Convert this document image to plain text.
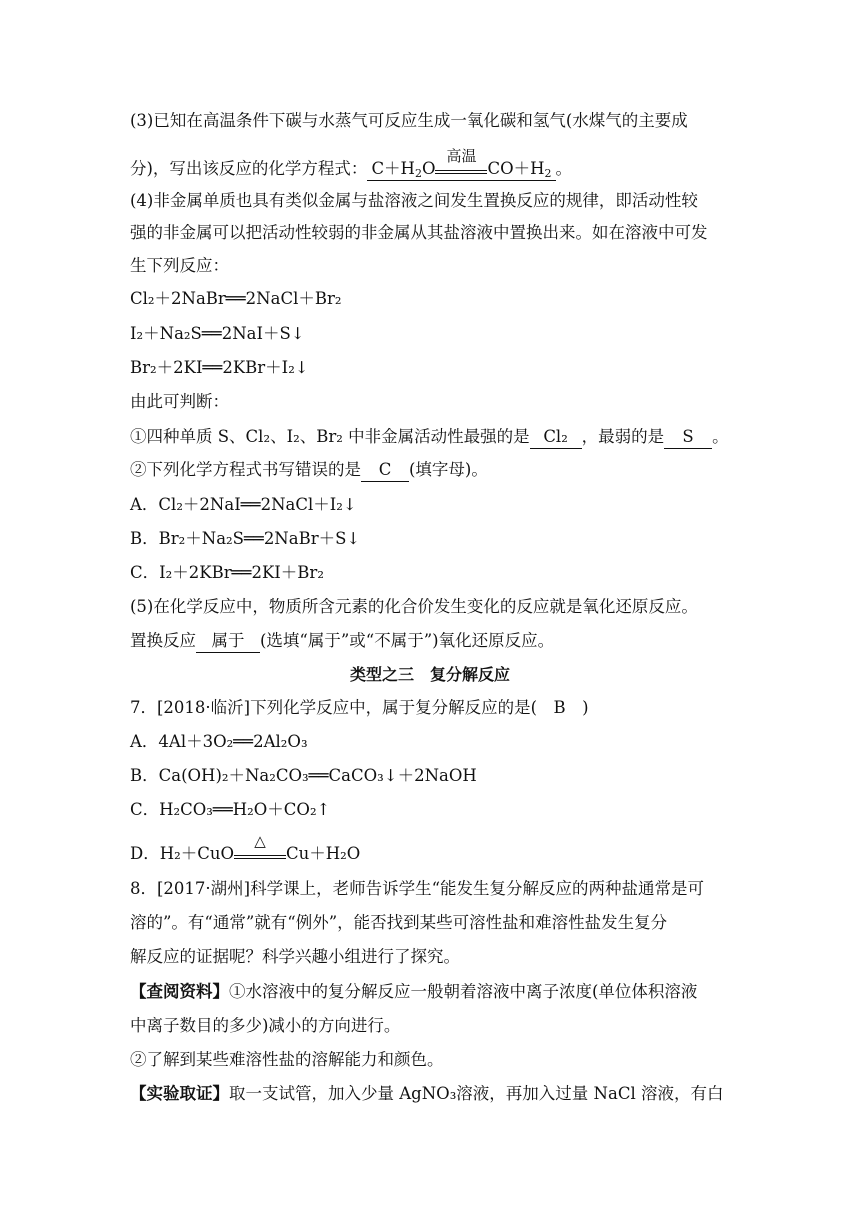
(3)已知在高温条件下碳与水蒸气可反应生成一氧化碳和氢气(水煤气的主要成
分)，写出该反应的化学方程式： $C+H_2O$
高温
$CO+H_2$ 。
(4)非金属单质也具有类似金属与盐溶液之间发生置换反应的规律，即活动性较
强的非金属可以把活动性较弱的非金属从其盐溶液中置换出来。如在溶液中可发
生下列反应：
Cl₂＋2NaBr══2NaCl＋Br₂
I₂＋Na₂S══2NaI＋S↓
Br₂＋2KI══2KBr＋I₂↓
由此可判断：
①四种单质 S、Cl₂、I₂、Br₂ 中非金属活动性最强的是 Cl₂ ，最弱的是 S 。
②下列化学方程式书写错误的是 C (填字母)。
A．Cl₂＋2NaI══2NaCl＋I₂↓
B．Br₂＋Na₂S══2NaBr＋S↓
C．I₂＋2KBr══2KI＋Br₂
(5)在化学反应中，物质所含元素的化合价发生变化的反应就是氧化还原反应。
置换反应 属于 (选填“属于”或“不属于”)氧化还原反应。
类型之三　复分解反应
7．[2018·临沂]下列化学反应中，属于复分解反应的是(　B　)
A．4Al＋3O₂══2Al₂O₃
B．Ca(OH)₂＋Na₂CO₃══CaCO₃↓＋2NaOH
C．H₂CO₃══H₂O＋CO₂↑
D．H₂＋CuO
△
Cu＋H₂O
8．[2017·湖州]科学课上，老师告诉学生“能发生复分解反应的两种盐通常是可
溶的”。有“通常”就有“例外”，能否找到某些可溶性盐和难溶性盐发生复分
解反应的证据呢？科学兴趣小组进行了探究。
【查阅资料】①水溶液中的复分解反应一般朝着溶液中离子浓度(单位体积溶液
中离子数目的多少)减小的方向进行。
②了解到某些难溶性盐的溶解能力和颜色。
【实验取证】取一支试管，加入少量 AgNO₃溶液，再加入过量 NaCl 溶液，有白
